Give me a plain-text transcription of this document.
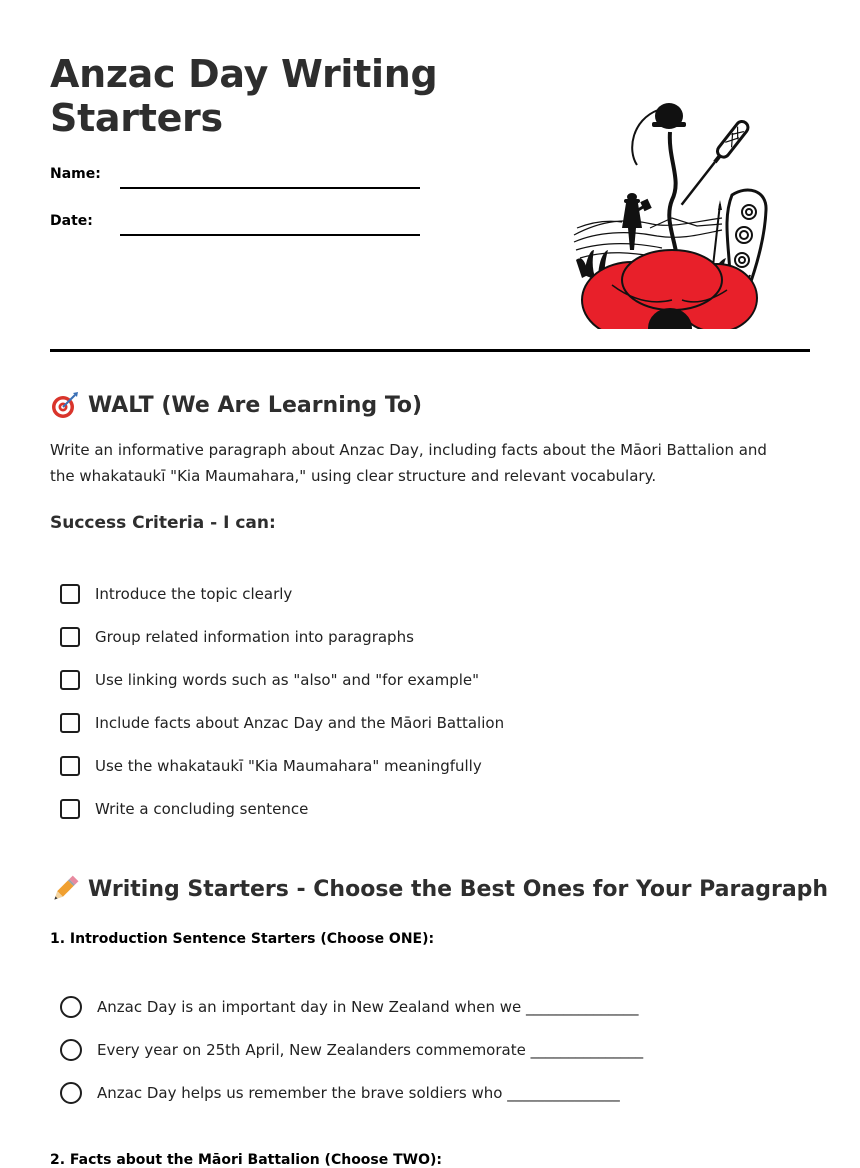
Anzac Day Writing Starters
Name:
Date:
WALT (We Are Learning To)
Write an informative paragraph about Anzac Day, including facts about the Māori Battalion and the whakataukī "Kia Maumahara," using clear structure and relevant vocabulary.
Success Criteria - I can:
Introduce the topic clearly
Group related information into paragraphs
Use linking words such as "also" and "for example"
Include facts about Anzac Day and the Māori Battalion
Use the whakataukī "Kia Maumahara" meaningfully
Write a concluding sentence
Writing Starters - Choose the Best Ones for Your Paragraph
1. Introduction Sentence Starters (Choose ONE):
Anzac Day is an important day in New Zealand when we _______________
Every year on 25th April, New Zealanders commemorate _______________
Anzac Day helps us remember the brave soldiers who _______________
2. Facts about the Māori Battalion (Choose TWO):
